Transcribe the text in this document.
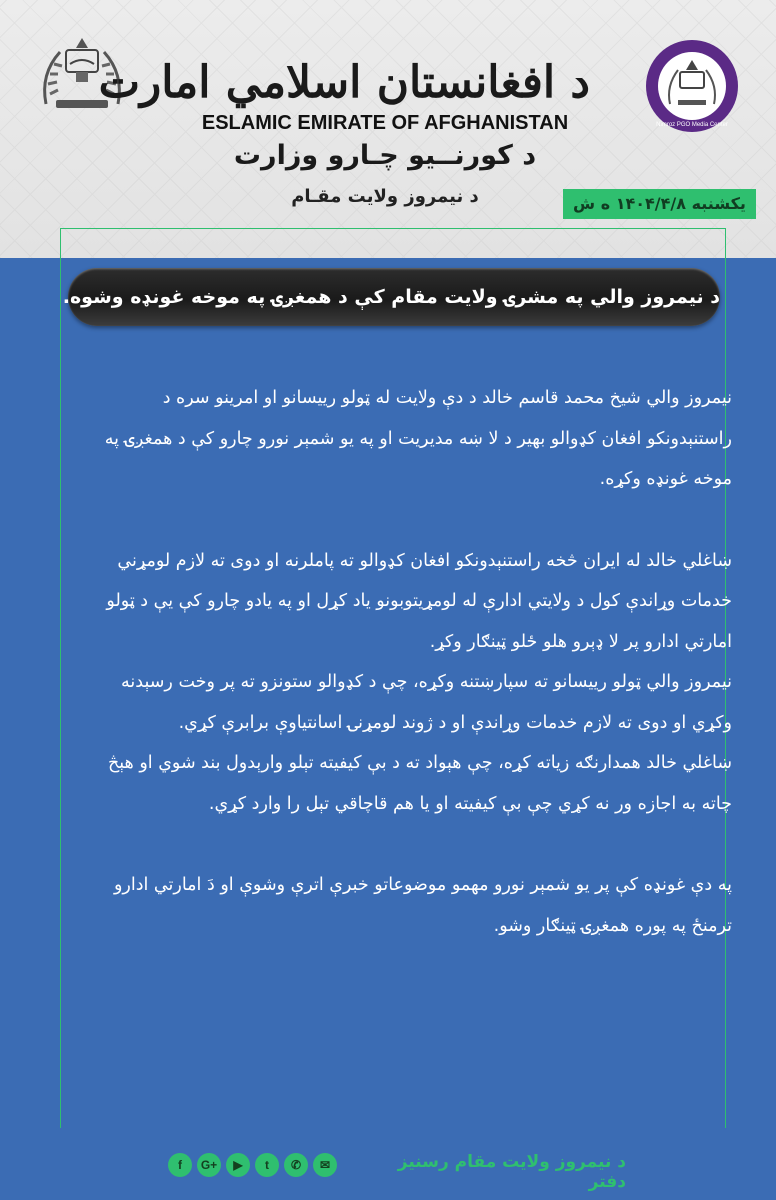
Nimroz PGO Media Center
د افغانستان اسلامي امارت
ESLAMIC EMIRATE OF AFGHANISTAN
د کورنــیو چـارو وزارت
د نیمروز ولایت مقـام	یکشنبه ۱۴۰۴/۴/۸ ه ش
د نیمروز والي په مشرۍ ولایت مقام کې د همغږۍ په موخه غونډه وشوه.

نیمروز والي شیخ محمد قاسم خالد د دې ولایت له ټولو رییسانو او امرینو سره د راستنېدونکو افغان کډوالو بهیر د لا ښه مدیریت او په یو شمېر نورو چارو کې د همغږۍ په موخه غونډه وکړه.

ښاغلي خالد له ایران څخه راستنېدونکو افغان کډوالو ته پاملرنه او دوی ته لازم لومړني خدمات وړاندې کول د ولایتي ادارې له لومړیتوبونو یاد کړل او په یادو چارو کې یې د ټولو امارتي ادارو پر لا ډېرو هلو ځلو ټینګار وکړ.

نیمروز والي ټولو رییسانو ته سپارښتنه وکړه، چې د کډوالو ستونزو ته پر وخت رسېدنه وکړي او دوی ته لازم خدمات وړاندې او د ژوند لومړنۍ اسانتیاوې برابرې کړي.

ښاغلي خالد همدارنګه زیاته کړه، چې هېواد ته د بې کیفیته تېلو وارېدول بند شوي او هېڅ چاته به اجازه ور نه کړي چې بې کیفیته او یا هم قاچاقي تېل را وارد کړي.

په دې غونډه کې پر یو شمېر نورو مهمو موضوعاتو خبرې اترې وشوې او دَ امارتي ادارو ترمنځ په پوره همغږۍ ټینګار وشو.

f	G+	▶	t	✆	✉	د نیمروز ولایت مقام رسنیز دفتر
